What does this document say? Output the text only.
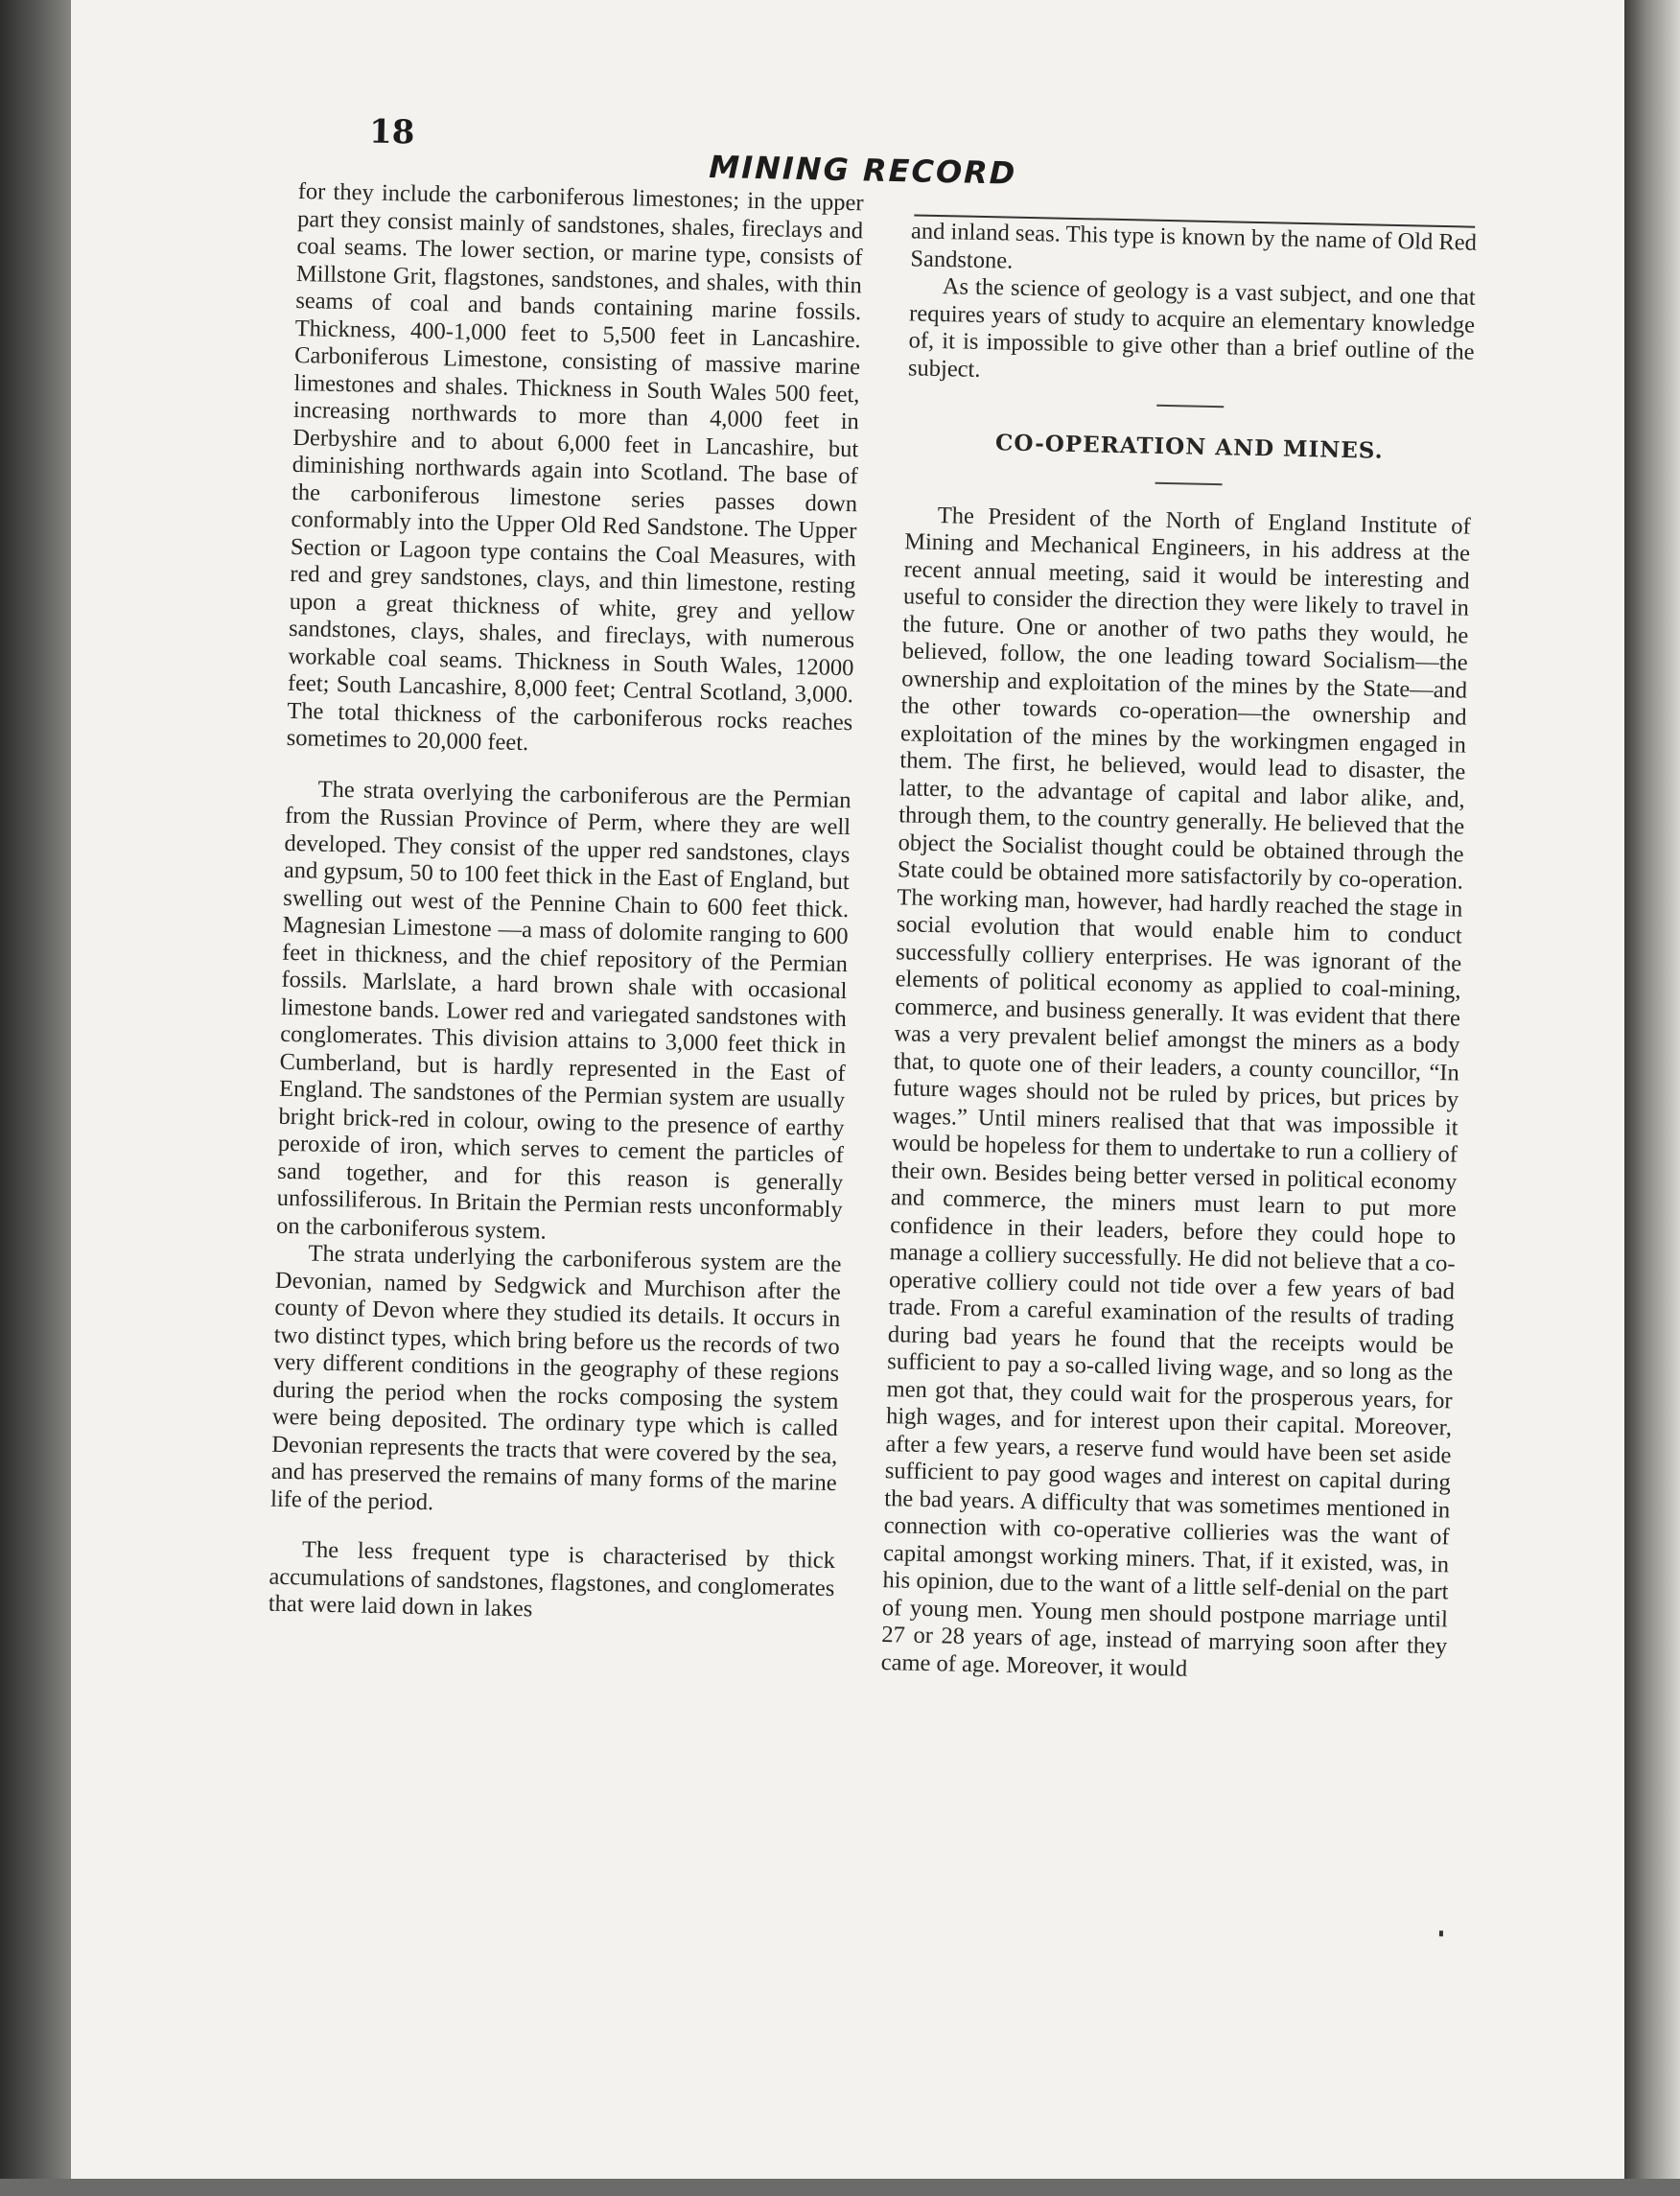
18
MINING RECORD

for they include the carboniferous limestones; in the upper part they consist mainly of sandstones, shales, fireclays and coal seams. The lower section, or marine type, consists of Millstone Grit, flagstones, sandstones, and shales, with thin seams of coal and bands containing marine fossils. Thickness, 400-1,000 feet to 5,500 feet in Lancashire. Carboniferous Limestone, consisting of massive marine limestones and shales. Thickness in South Wales 500 feet, increasing northwards to more than 4,000 feet in Derbyshire and to about 6,000 feet in Lancashire, but diminishing northwards again into Scotland. The base of the carboniferous limestone series passes down conformably into the Upper Old Red Sandstone. The Upper Section or Lagoon type contains the Coal Measures, with red and grey sandstones, clays, and thin limestone, resting upon a great thickness of white, grey and yellow sandstones, clays, shales, and fireclays, with numerous workable coal seams. Thickness in South Wales, 12000 feet; South Lancashire, 8,000 feet; Central Scotland, 3,000. The total thickness of the carboniferous rocks reaches sometimes to 20,000 feet.

The strata overlying the carboniferous are the Permian from the Russian Province of Perm, where they are well developed. They consist of the upper red sandstones, clays and gypsum, 50 to 100 feet thick in the East of England, but swelling out west of the Pennine Chain to 600 feet thick. Magnesian Limestone —a mass of dolomite ranging to 600 feet in thickness, and the chief repository of the Permian fossils. Marlslate, a hard brown shale with occasional limestone bands. Lower red and variegated sandstones with conglomerates. This division attains to 3,000 feet thick in Cumberland, but is hardly represented in the East of England. The sandstones of the Permian system are usually bright brick-red in colour, owing to the presence of earthy peroxide of iron, which serves to cement the particles of sand together, and for this reason is generally unfossiliferous. In Britain the Permian rests unconformably on the carboniferous system.

The strata underlying the carboniferous system are the Devonian, named by Sedgwick and Murchison after the county of Devon where they studied its details. It occurs in two distinct types, which bring before us the records of two very different conditions in the geography of these regions during the period when the rocks composing the system were being deposited. The ordinary type which is called Devonian represents the tracts that were covered by the sea, and has preserved the remains of many forms of the marine life of the period.

The less frequent type is characterised by thick accumulations of sandstones, flagstones, and conglomerates that were laid down in lakes

and inland seas. This type is known by the name of Old Red Sandstone.

As the science of geology is a vast subject, and one that requires years of study to acquire an elementary knowledge of, it is impossible to give other than a brief outline of the subject.

CO-OPERATION AND MINES.

The President of the North of England Institute of Mining and Mechanical Engineers, in his address at the recent annual meeting, said it would be interesting and useful to consider the direction they were likely to travel in the future. One or another of two paths they would, he believed, follow, the one leading toward Socialism—the ownership and exploitation of the mines by the State—and the other towards co-operation—the ownership and exploitation of the mines by the workingmen engaged in them. The first, he believed, would lead to disaster, the latter, to the advantage of capital and labor alike, and, through them, to the country generally. He believed that the object the Socialist thought could be obtained through the State could be obtained more satisfactorily by co-operation. The working man, however, had hardly reached the stage in social evolution that would enable him to conduct successfully colliery enterprises. He was ignorant of the elements of political economy as applied to coal-mining, commerce, and business generally. It was evident that there was a very prevalent belief amongst the miners as a body that, to quote one of their leaders, a county councillor, “In future wages should not be ruled by prices, but prices by wages.” Until miners realised that that was impossible it would be hopeless for them to undertake to run a colliery of their own. Besides being better versed in political economy and commerce, the miners must learn to put more confidence in their leaders, before they could hope to manage a colliery successfully. He did not believe that a co-operative colliery could not tide over a few years of bad trade. From a careful examination of the results of trading during bad years he found that the receipts would be sufficient to pay a so-called living wage, and so long as the men got that, they could wait for the prosperous years, for high wages, and for interest upon their capital. Moreover, after a few years, a reserve fund would have been set aside sufficient to pay good wages and interest on capital during the bad years. A difficulty that was sometimes mentioned in connection with co-operative collieries was the want of capital amongst working miners. That, if it existed, was, in his opinion, due to the want of a little self-denial on the part of young men. Young men should postpone marriage until 27 or 28 years of age, instead of marrying soon after they came of age. Moreover, it would
